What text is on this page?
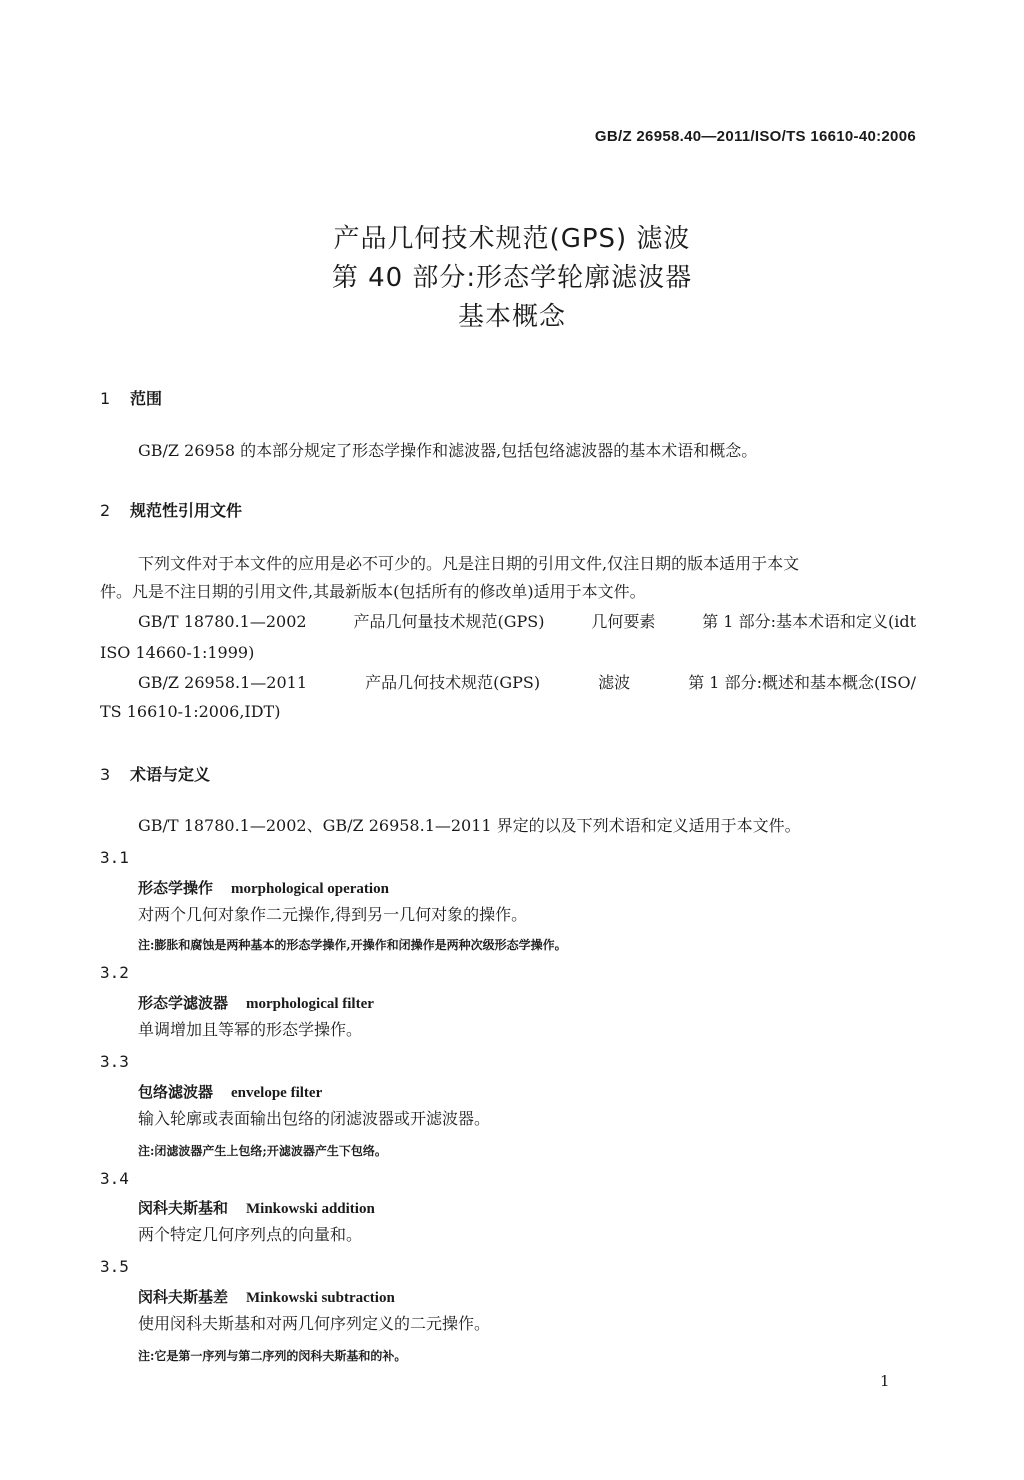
GB/Z 26958.40—2011/ISO/TS 16610-40:2006
产品几何技术规范(GPS) 滤波
第 40 部分:形态学轮廓滤波器
基本概念
1 范围
GB/Z 26958 的本部分规定了形态学操作和滤波器,包括包络滤波器的基本术语和概念。
2 规范性引用文件
下列文件对于本文件的应用是必不可少的。凡是注日期的引用文件,仅注日期的版本适用于本文
件。凡是不注日期的引用文件,其最新版本(包括所有的修改单)适用于本文件。
GB/T 18780.1—2002	产品几何量技术规范(GPS)	几何要素	第 1 部分:基本术语和定义(idt
ISO 14660-1:1999)
GB/Z 26958.1—2011	产品几何技术规范(GPS)	滤波	第 1 部分:概述和基本概念(ISO/
TS 16610-1:2006,IDT)
3 术语与定义
GB/T 18780.1—2002、GB/Z 26958.1—2011 界定的以及下列术语和定义适用于本文件。
3.1
形态学操作 morphological operation
对两个几何对象作二元操作,得到另一几何对象的操作。
注:膨胀和腐蚀是两种基本的形态学操作,开操作和闭操作是两种次级形态学操作。
3.2
形态学滤波器 morphological filter
单调增加且等幂的形态学操作。
3.3
包络滤波器 envelope filter
输入轮廓或表面输出包络的闭滤波器或开滤波器。
注:闭滤波器产生上包络;开滤波器产生下包络。
3.4
闵科夫斯基和 Minkowski addition
两个特定几何序列点的向量和。
3.5
闵科夫斯基差 Minkowski subtraction
使用闵科夫斯基和对两几何序列定义的二元操作。
注:它是第一序列与第二序列的闵科夫斯基和的补。
1
